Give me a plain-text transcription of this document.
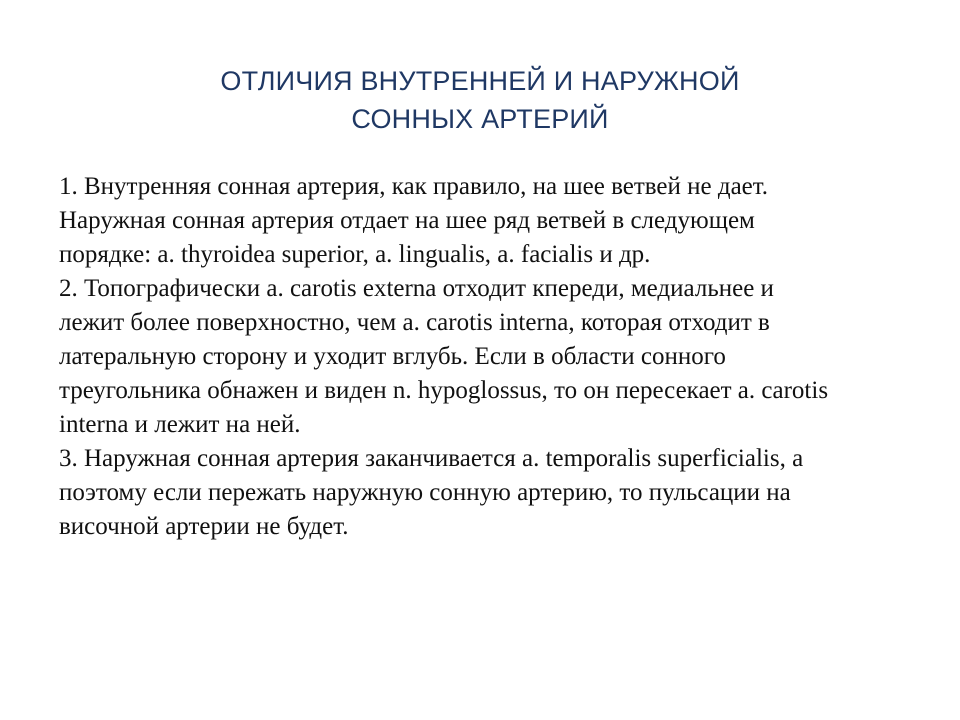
ОТЛИЧИЯ ВНУТРЕННЕЙ И НАРУЖНОЙ
СОННЫХ АРТЕРИЙ

1. Внутренняя сонная артерия, как правило, на шее ветвей не дает. Наружная сонная артерия отдает на шее ряд ветвей в следующем порядке: a. thyroidea superior, a. lingualis, a. facialis и др.

2. Топографически a. carotis externa отходит кпереди, медиальнее и лежит более поверхностно, чем a. carotis interna, которая отходит в латеральную сторону и уходит вглубь. Если в области сонного треугольника обнажен и виден n. hypoglossus, то он пересекает a. carotis interna и лежит на ней.

3. Наружная сонная артерия заканчивается a. temporalis superficialis, а поэтому если пережать наружную сонную артерию, то пульсации на височной артерии не будет.
